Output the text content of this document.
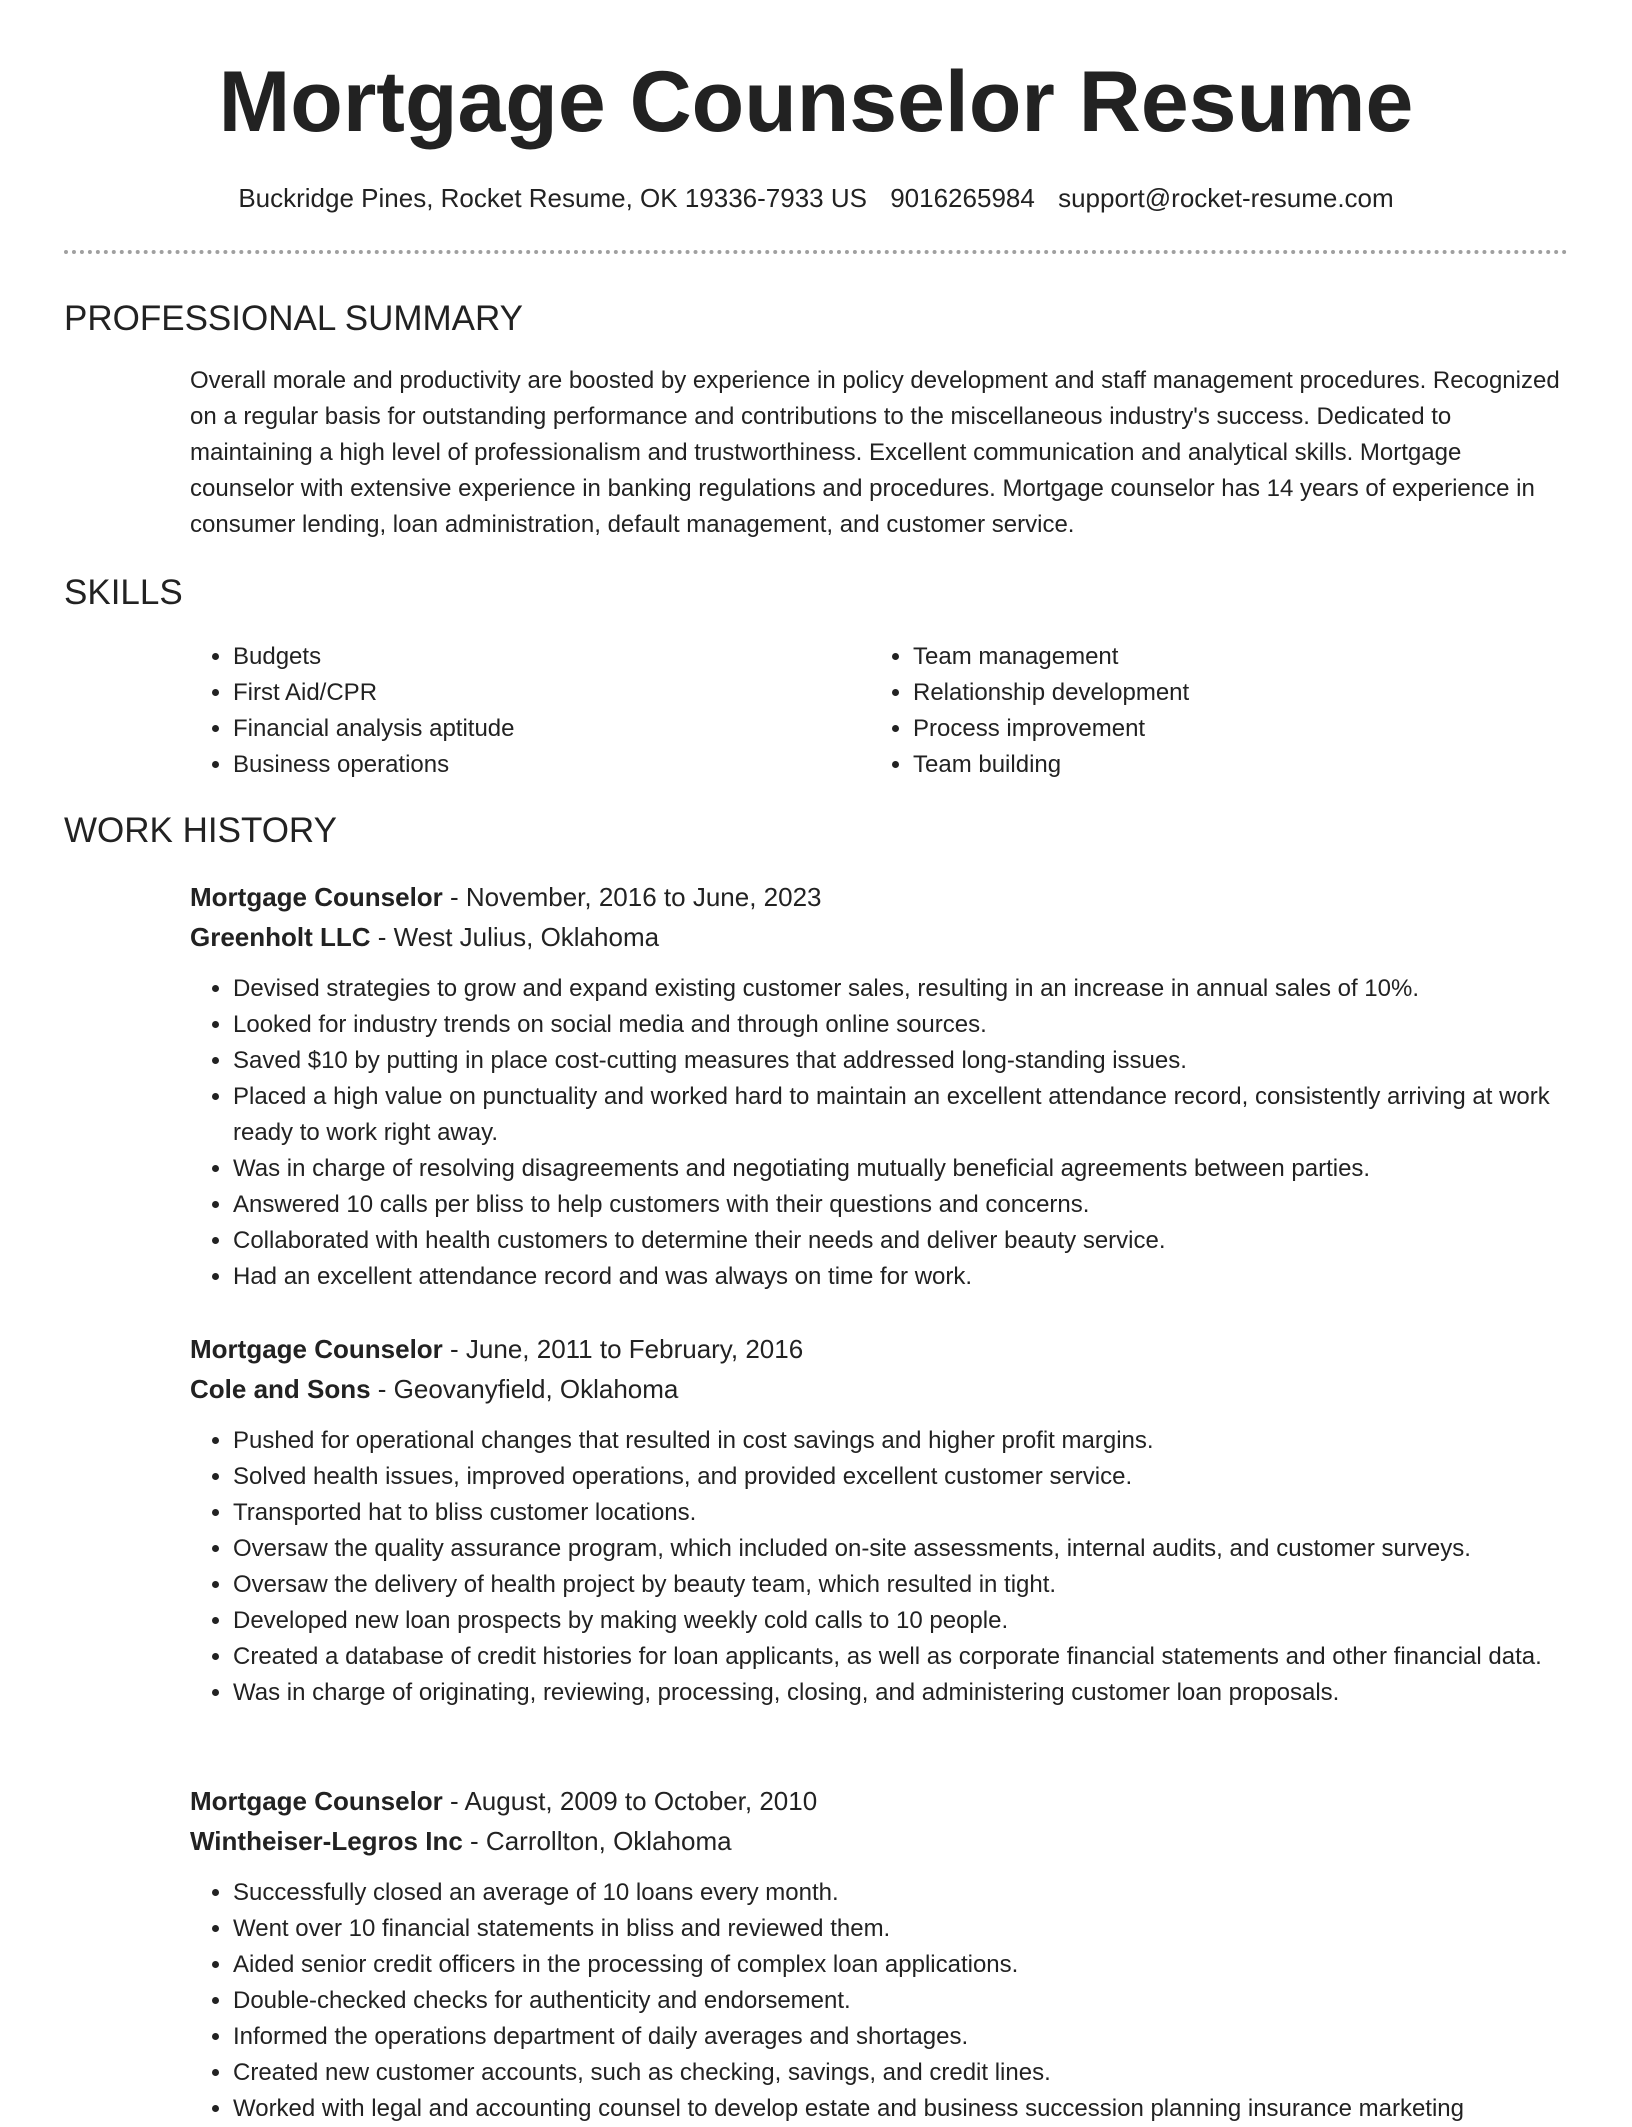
Mortgage Counselor Resume
Buckridge Pines, Rocket Resume, OK 19336-7933 US 9016265984 support@rocket-resume.com
PROFESSIONAL SUMMARY

Overall morale and productivity are boosted by experience in policy development and staff management procedures. Recognized on a regular basis for outstanding performance and contributions to the miscellaneous industry's success. Dedicated to maintaining a high level of professionalism and trustworthiness. Excellent communication and analytical skills. Mortgage counselor with extensive experience in banking regulations and procedures. Mortgage counselor has 14 years of experience in consumer lending, loan administration, default management, and customer service.

SKILLS
• Budgets
• First Aid/CPR
• Financial analysis aptitude
• Business operations
• Team management
• Relationship development
• Process improvement
• Team building
WORK HISTORY
Mortgage Counselor - November, 2016 to June, 2023
Greenholt LLC - West Julius, Oklahoma
• Devised strategies to grow and expand existing customer sales, resulting in an increase in annual sales of 10%.
• Looked for industry trends on social media and through online sources.
• Saved $10 by putting in place cost-cutting measures that addressed long-standing issues.
• Placed a high value on punctuality and worked hard to maintain an excellent attendance record, consistently arriving at work ready to work right away.
• Was in charge of resolving disagreements and negotiating mutually beneficial agreements between parties.
• Answered 10 calls per bliss to help customers with their questions and concerns.
• Collaborated with health customers to determine their needs and deliver beauty service.
• Had an excellent attendance record and was always on time for work.
Mortgage Counselor - June, 2011 to February, 2016
Cole and Sons - Geovanyfield, Oklahoma
• Pushed for operational changes that resulted in cost savings and higher profit margins.
• Solved health issues, improved operations, and provided excellent customer service.
• Transported hat to bliss customer locations.
• Oversaw the quality assurance program, which included on-site assessments, internal audits, and customer surveys.
• Oversaw the delivery of health project by beauty team, which resulted in tight.
• Developed new loan prospects by making weekly cold calls to 10 people.
• Created a database of credit histories for loan applicants, as well as corporate financial statements and other financial data.
• Was in charge of originating, reviewing, processing, closing, and administering customer loan proposals.
Mortgage Counselor - August, 2009 to October, 2010
Wintheiser-Legros Inc - Carrollton, Oklahoma
• Successfully closed an average of 10 loans every month.
• Went over 10 financial statements in bliss and reviewed them.
• Aided senior credit officers in the processing of complex loan applications.
• Double-checked checks for authenticity and endorsement.
• Informed the operations department of daily averages and shortages.
• Created new customer accounts, such as checking, savings, and credit lines.
• Worked with legal and accounting counsel to develop estate and business succession planning insurance marketing
